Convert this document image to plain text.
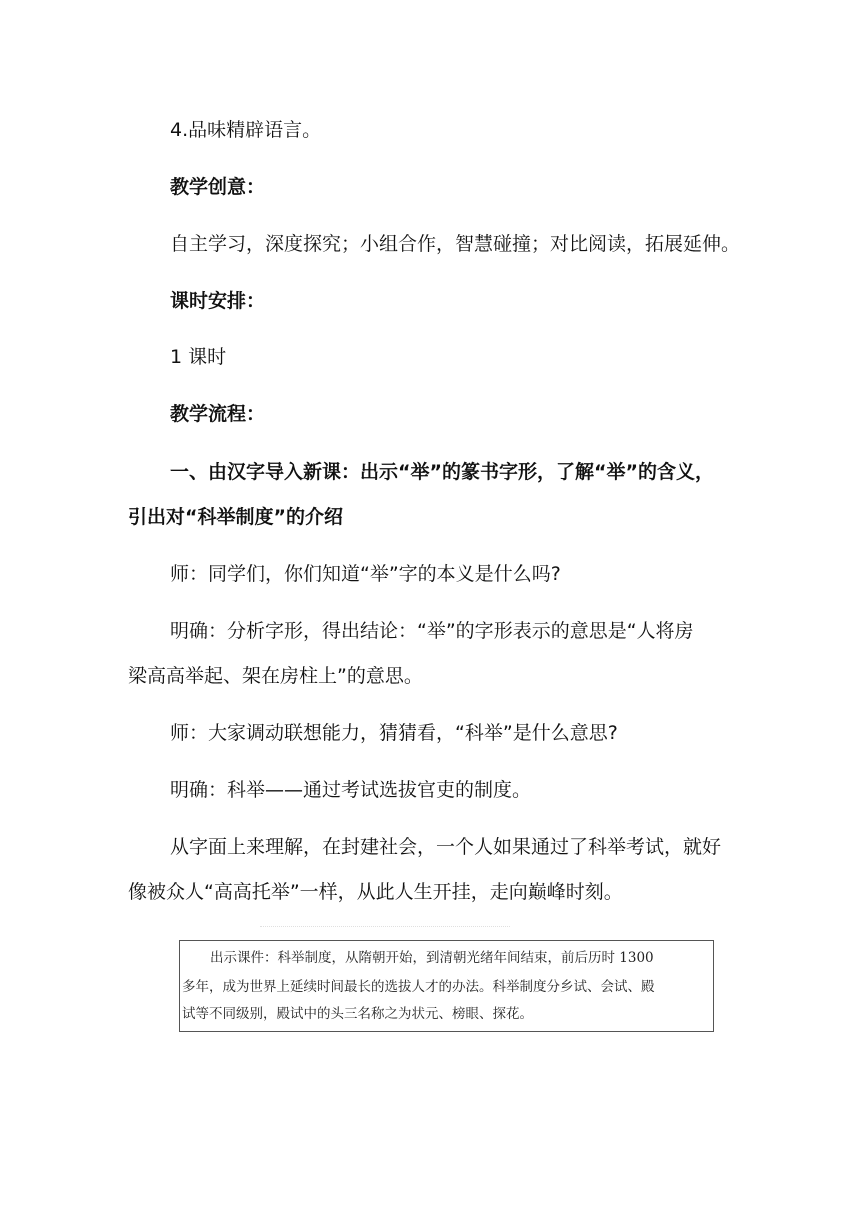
4.品味精辟语言。
教学创意：
自主学习，深度探究；小组合作，智慧碰撞；对比阅读，拓展延伸。
课时安排：
1 课时
教学流程：
一、由汉字导入新课：出示“举”的篆书字形，了解“举”的含义，
引出对“科举制度”的介绍
师：同学们，你们知道“举”字的本义是什么吗?
明确：分析字形，得出结论：“举”的字形表示的意思是“人将房
梁高高举起、架在房柱上”的意思。
师：大家调动联想能力，猜猜看，“科举”是什么意思?
明确：科举——通过考试选拔官吏的制度。
从字面上来理解，在封建社会，一个人如果通过了科举考试，就好
像被众人“高高托举”一样，从此人生开挂，走向巅峰时刻。
出示课件：科举制度，从隋朝开始，到清朝光绪年间结束，前后历时 1300
多年，成为世界上延续时间最长的选拔人才的办法。科举制度分乡试、会试、殿
试等不同级别，殿试中的头三名称之为状元、榜眼、探花。
